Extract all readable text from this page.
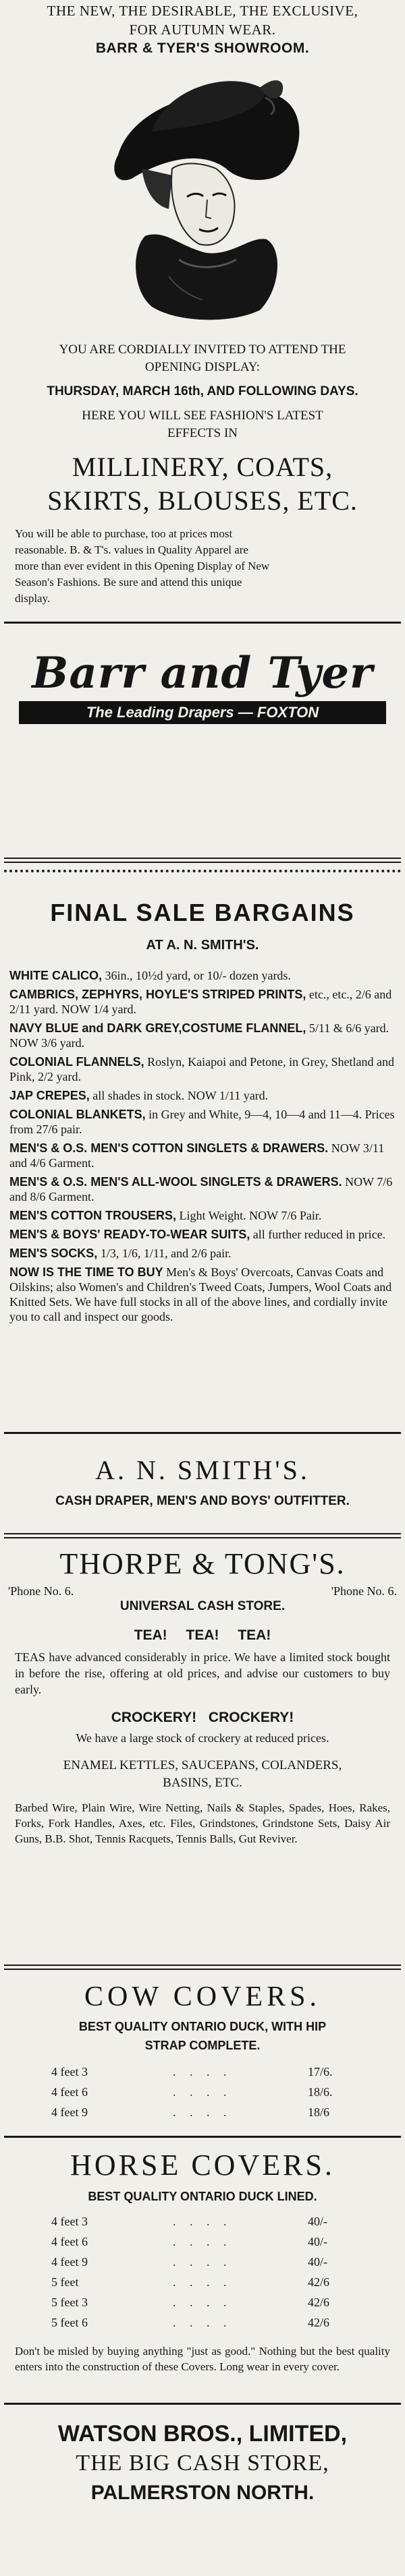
THE NEW, THE DESIRABLE, THE EXCLUSIVE,
FOR AUTUMN WEAR.
BARR & TYER'S SHOWROOM.
YOU ARE CORDIALLY INVITED TO ATTEND THE
OPENING DISPLAY:
THURSDAY, MARCH 16th, AND FOLLOWING DAYS.
HERE YOU WILL SEE FASHION'S LATEST
EFFECTS IN
MILLINERY, COATS,
SKIRTS, BLOUSES, ETC.
You will be able to purchase, too at prices most
reasonable. B. & T's. values in Quality Apparel are
more than ever evident in this Opening Display of New
Season's Fashions. Be sure and attend this unique
display.
Barr and Tyer
The Leading Drapers — FOXTON
FINAL SALE BARGAINS
AT A. N. SMITH'S.
WHITE CALICO, 36in., 10½d yard, or 10/- dozen yards.
CAMBRICS, ZEPHYRS, HOYLE'S STRIPED PRINTS, etc., etc., 2/6 and 2/11 yard. NOW 1/4 yard.
NAVY BLUE and DARK GREY,COSTUME FLANNEL, 5/11 & 6/6 yard. NOW 3/6 yard.
COLONIAL FLANNELS, Roslyn, Kaiapoi and Petone, in Grey, Shetland and Pink, 2/2 yard.
JAP CREPES, all shades in stock. NOW 1/11 yard.
COLONIAL BLANKETS, in Grey and White, 9—4, 10—4 and 11—4. Prices from 27/6 pair.
MEN'S & O.S. MEN'S COTTON SINGLETS & DRAWERS. NOW 3/11 and 4/6 Garment.
MEN'S & O.S. MEN'S ALL-WOOL SINGLETS & DRAWERS. NOW 7/6 and 8/6 Garment.
MEN'S COTTON TROUSERS, Light Weight. NOW 7/6 Pair.
MEN'S & BOYS' READY-TO-WEAR SUITS, all further reduced in price.
MEN'S SOCKS, 1/3, 1/6, 1/11, and 2/6 pair.
NOW IS THE TIME TO BUY Men's & Boys' Overcoats, Canvas Coats and Oilskins; also Women's and Children's Tweed Coats, Jumpers, Wool Coats and Knitted Sets. We have full stocks in all of the above lines, and cordially invite you to call and inspect our goods.
A. N. SMITH'S.
CASH DRAPER, MEN'S AND BOYS' OUTFITTER.
THORPE & TONG'S.
'Phone No. 6.	'Phone No. 6.
UNIVERSAL CASH STORE.
TEA! TEA! TEA!
TEAS have advanced considerably in price. We have a limited stock bought in before the rise, offering at old prices, and advise our customers to buy early.
CROCKERY! CROCKERY!
We have a large stock of crockery at reduced prices.
ENAMEL KETTLES, SAUCEPANS, COLANDERS,
BASINS, ETC.
Barbed Wire, Plain Wire, Wire Netting, Nails & Staples, Spades, Hoes, Rakes, Forks, Fork Handles, Axes, etc. Files, Grindstones, Grindstone Sets, Daisy Air Guns, B.B. Shot, Tennis Racquets, Tennis Balls, Gut Reviver.
COW COVERS.
BEST QUALITY ONTARIO DUCK, WITH HIP
STRAP COMPLETE.
4 feet 3	. . . .	17/6.
4 feet 6	. . . .	18/6.
4 feet 9	. . . .	18/6
HORSE COVERS.
BEST QUALITY ONTARIO DUCK LINED.
4 feet 3	. . . .	40/-
4 feet 6	. . . .	40/-
4 feet 9	. . . .	40/-
5 feet	. . . .	42/6
5 feet 3	. . . .	42/6
5 feet 6	. . . .	42/6
Don't be misled by buying anything "just as good." Nothing but the best quality enters into the construction of these Covers. Long wear in every cover.
WATSON BROS., LIMITED,
THE BIG CASH STORE,
PALMERSTON NORTH.
